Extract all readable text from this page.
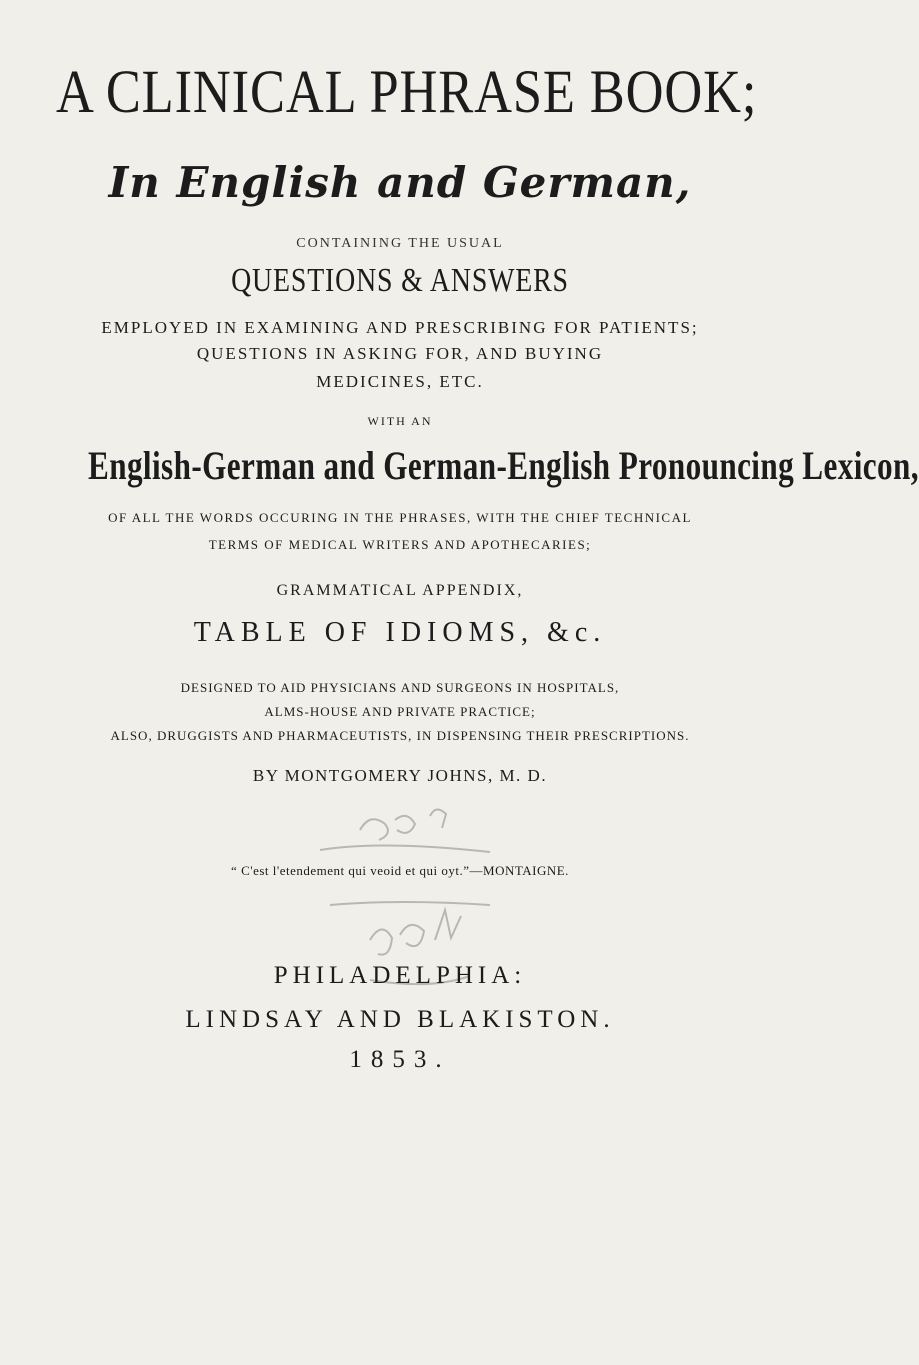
A CLINICAL PHRASE BOOK;
In English and German,
CONTAINING THE USUAL
QUESTIONS & ANSWERS
EMPLOYED IN EXAMINING AND PRESCRIBING FOR PATIENTS;
QUESTIONS IN ASKING FOR, AND BUYING
MEDICINES, ETC.
WITH AN
English-German and German-English Pronouncing Lexicon,
OF ALL THE WORDS OCCURING IN THE PHRASES, WITH THE CHIEF TECHNICAL
TERMS OF MEDICAL WRITERS AND APOTHECARIES;
GRAMMATICAL APPENDIX,
TABLE OF IDIOMS, &c.
DESIGNED TO AID PHYSICIANS AND SURGEONS IN HOSPITALS,
ALMS-HOUSE AND PRIVATE PRACTICE;
ALSO, DRUGGISTS AND PHARMACEUTISTS, IN DISPENSING THEIR PRESCRIPTIONS.
BY MONTGOMERY JOHNS, M. D.
“ C'est l'etendement qui veoid et qui oyt.”—MONTAIGNE.
PHILADELPHIA:
LINDSAY AND BLAKISTON.
1853.
